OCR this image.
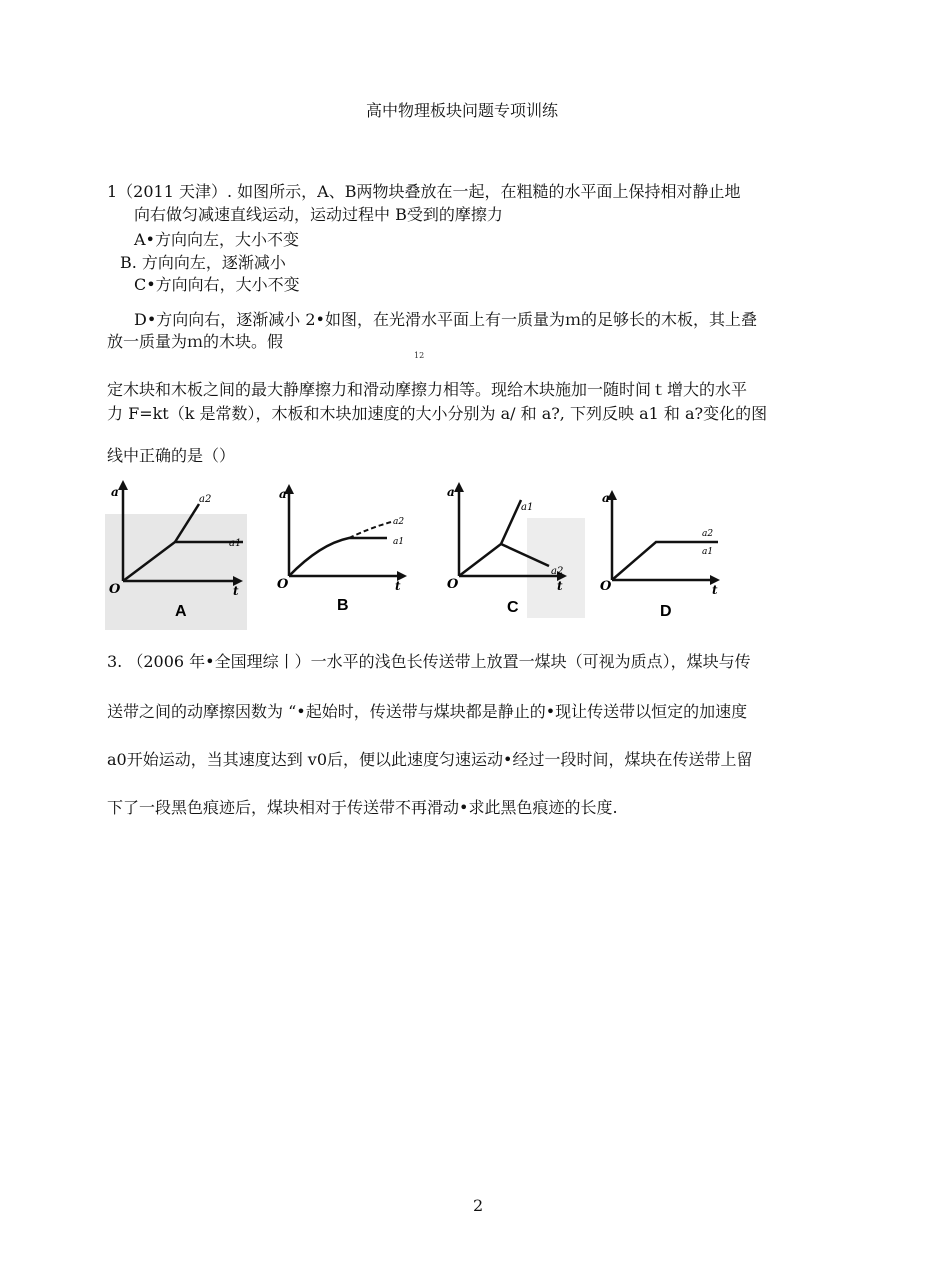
高中物理板块问题专项训练
1（2011 天津）. 如图所示，A、B两物块叠放在一起，在粗糙的水平面上保持相对静止地
向右做匀减速直线运动，运动过程中 B受到的摩擦力
A•方向向左，大小不变
B. 方向向左，逐渐减小
C•方向向右，大小不变
D•方向向右，逐渐减小 2•如图，在光滑水平面上有一质量为ｍ的足够长的木板，其上叠
放一质量为ｍ的木块。假
12
定木块和木板之间的最大静摩擦力和滑动摩擦力相等。现给木块施加一随时间ｔ增大的水平
力 F=kt（k 是常数），木板和木块加速度的大小分别为 a/ 和 a?, 下列反映 a1 和 a?变化的图
线中正确的是（）
a
t
O
a2
a1
A
a
t
O
a2
a1
B
a
t
O
a1
a2
C
a
t
O
a2
a1
D
3. （2006 年•全国理综丨）一水平的浅色长传送带上放置一煤块（可视为质点），煤块与传
送带之间的动摩擦因数为 “•起始时，传送带与煤块都是静止的•现让传送带以恒定的加速度
a0开始运动，当其速度达到 v0后，便以此速度匀速运动•经过一段时间，煤块在传送带上留
下了一段黑色痕迹后，煤块相对于传送带不再滑动•求此黑色痕迹的长度.
2
